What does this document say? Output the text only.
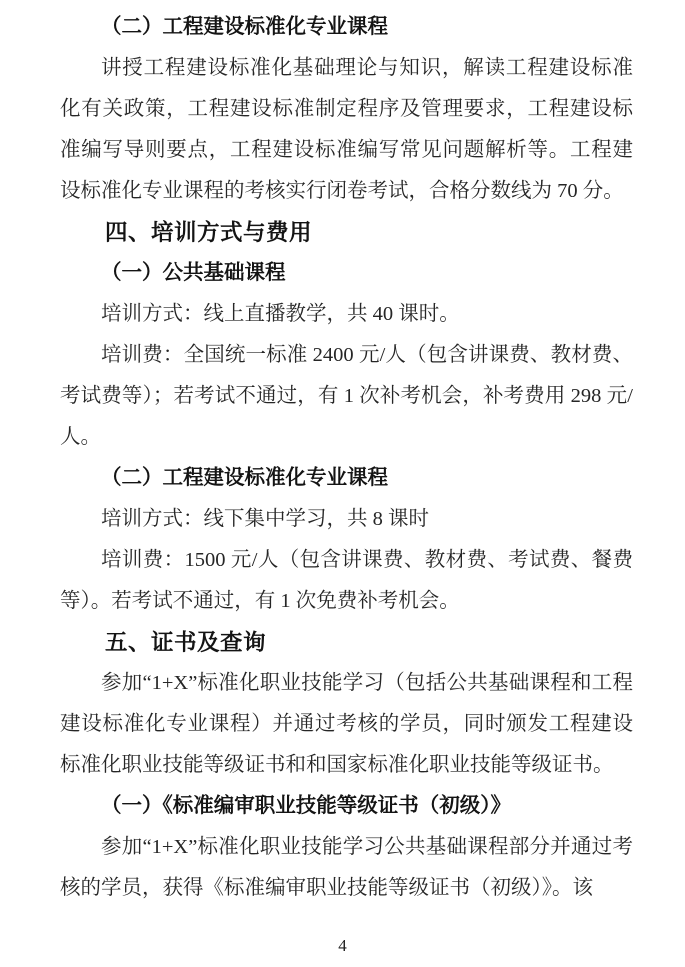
（二）工程建设标准化专业课程

讲授工程建设标准化基础理论与知识，解读工程建设标准化有关政策，工程建设标准制定程序及管理要求，工程建设标准编写导则要点，工程建设标准编写常见问题解析等。工程建设标准化专业课程的考核实行闭卷考试，合格分数线为 70 分。

四、培训方式与费用

（一）公共基础课程

培训方式：线上直播教学，共 40 课时。

培训费：全国统一标准 2400 元/人（包含讲课费、教材费、考试费等）；若考试不通过，有 1 次补考机会，补考费用 298 元/人。

（二）工程建设标准化专业课程

培训方式：线下集中学习，共 8 课时

培训费：1500 元/人（包含讲课费、教材费、考试费、餐费等）。若考试不通过，有 1 次免费补考机会。

五、证书及查询

参加“1+X”标准化职业技能学习（包括公共基础课程和工程建设标准化专业课程）并通过考核的学员，同时颁发工程建设标准化职业技能等级证书和和国家标准化职业技能等级证书。

（一）《标准编审职业技能等级证书（初级）》

参加“1+X”标准化职业技能学习公共基础课程部分并通过考核的学员，获得《标准编审职业技能等级证书（初级）》。该

4
